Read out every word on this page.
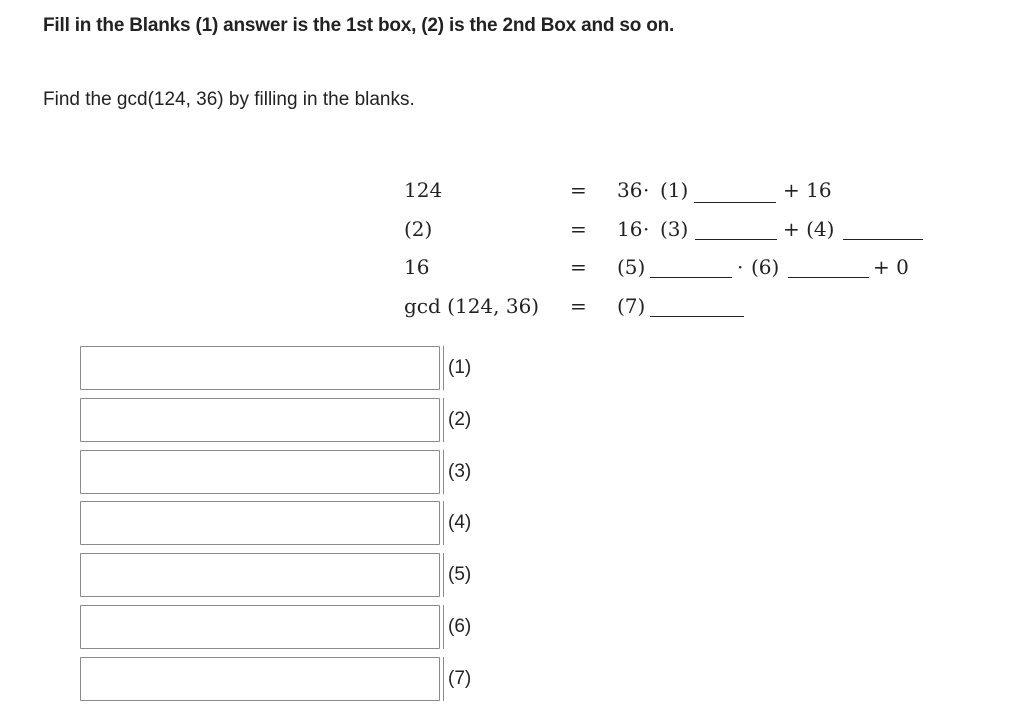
Fill in the Blanks (1) answer is the 1st box, (2) is the 2nd Box and so on.
Find the gcd(124, 36) by filling in the blanks.
124	= 36 · (1)	+ 16
(2)	= 16 · (3)	+ (4)
16	= (5)	· (6)	+ 0
gcd (124, 36) = (7)
(1)
(2)
(3)
(4)
(5)
(6)
(7)
